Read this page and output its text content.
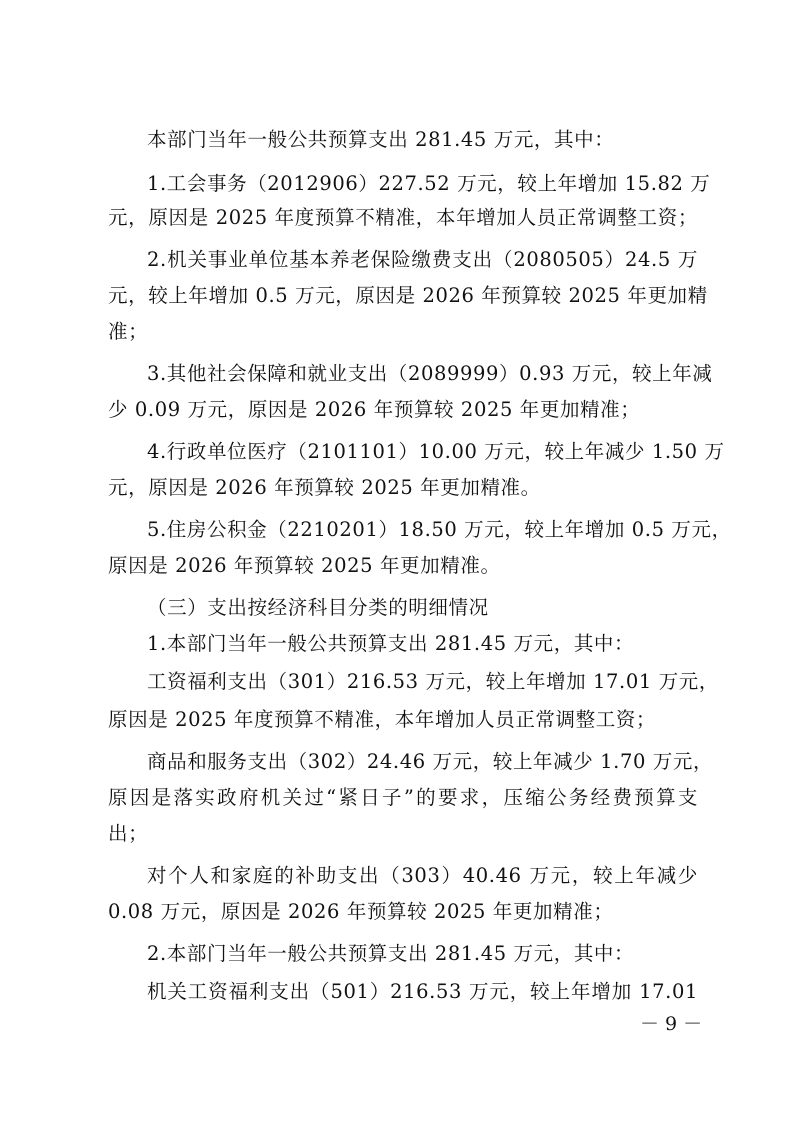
本部门当年一般公共预算支出 281.45 万元，其中：
1.工会事务（2012906）227.52 万元，较上年增加 15.82 万
元，原因是 2025 年度预算不精准，本年增加人员正常调整工资；
2.机关事业单位基本养老保险缴费支出（2080505）24.5 万
元，较上年增加 0.5 万元，原因是 2026 年预算较 2025 年更加精
准；
3.其他社会保障和就业支出（2089999）0.93 万元，较上年减
少 0.09 万元，原因是 2026 年预算较 2025 年更加精准；
4.行政单位医疗（2101101）10.00 万元，较上年减少 1.50 万
元，原因是 2026 年预算较 2025 年更加精准。
5.住房公积金（2210201）18.50 万元，较上年增加 0.5 万元，
原因是 2026 年预算较 2025 年更加精准。
（三）支出按经济科目分类的明细情况
1.本部门当年一般公共预算支出 281.45 万元，其中：
工资福利支出（301）216.53 万元，较上年增加 17.01 万元，
原因是 2025 年度预算不精准，本年增加人员正常调整工资；
商品和服务支出（302）24.46 万元，较上年减少 1.70 万元，
原因是落实政府机关过“紧日子”的要求，压缩公务经费预算支
出；
对个人和家庭的补助支出（303）40.46 万元，较上年减少
0.08 万元，原因是 2026 年预算较 2025 年更加精准；
2.本部门当年一般公共预算支出 281.45 万元，其中：
机关工资福利支出（501）216.53 万元，较上年增加 17.01
－ 9 －
